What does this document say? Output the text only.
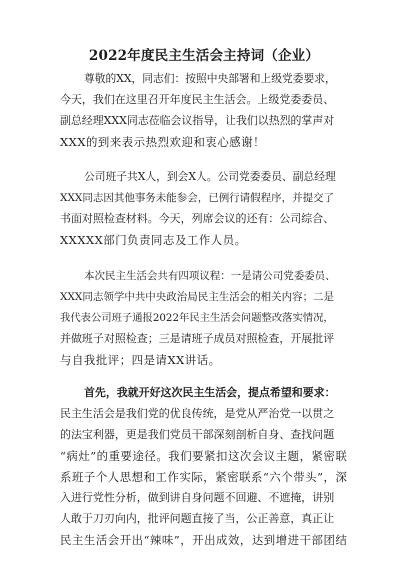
2022年度民主生活会主持词（企业）
尊敬的XX，同志们：按照中央部署和上级党委要求，
今天，我们在这里召开年度民主生活会。上级党委委员、
副总经理XXX同志莅临会议指导，让我们以热烈的掌声对
XXX的到来表示热烈欢迎和衷心感谢！
公司班子共X人，到会X人。公司党委委员、副总经理
XXX同志因其他事务未能参会，已例行请假程序，并提交了
书面对照检查材料。今天，列席会议的还有：公司综合、
XXXXX部门负责同志及工作人员。
本次民主生活会共有四项议程：一是请公司党委委员、
XXX同志领学中共中央政治局民主生活会的相关内容；二是
我代表公司班子通报2022年民主生活会问题整改落实情况，
并做班子对照检查；三是请班子成员对照检查，开展批评
与自我批评；四是请XX讲话。
首先，我就开好这次民主生活会，提点希望和要求：
民主生活会是我们党的优良传统，是党从严治党一以贯之
的法宝利器，更是我们党员干部深刻剖析自身、查找问题
“病灶”的重要途径。我们要紧扣这次会议主题，紧密联
系班子个人思想和工作实际，紧密联系“六个带头”，深
入进行党性分析，做到讲自身问题不回避、不遮掩，讲别
人敢于刀刃向内，批评问题直接了当，公正善意，真正让
民主生活会开出“辣味”，开出成效，达到增进干部团结
